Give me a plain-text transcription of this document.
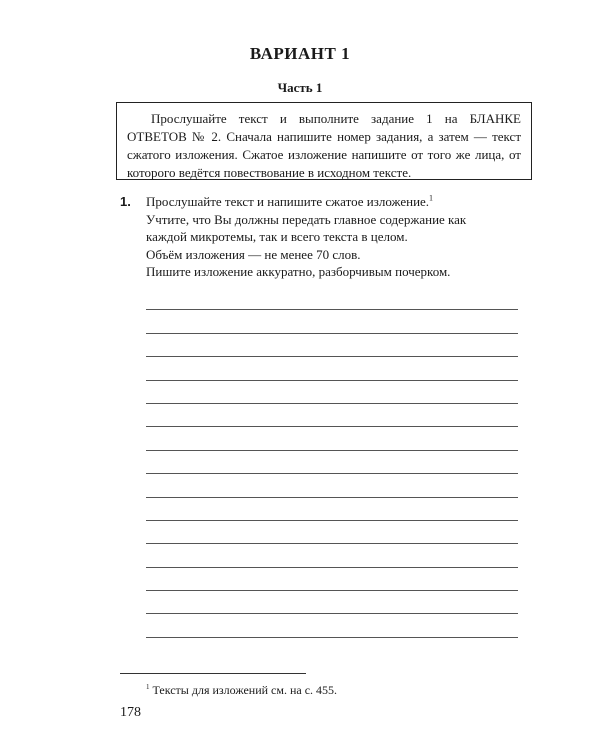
ВАРИАНТ 1
Часть 1
Прослушайте текст и выполните задание 1 на БЛАНКЕ ОТВЕТОВ № 2. Сначала напишите номер задания, а затем — текст сжатого изложения. Сжатое изложение напишите от того же лица, от которого ведётся повествование в исходном тексте.
1. Прослушайте текст и напишите сжатое изложение.$^1$
Учтите, что Вы должны передать главное содержание как
каждой микротемы, так и всего текста в целом.
Объём изложения — не менее 70 слов.
Пишите изложение аккуратно, разборчивым почерком.
$^1$ Тексты для изложений см. на с. 455.
178
